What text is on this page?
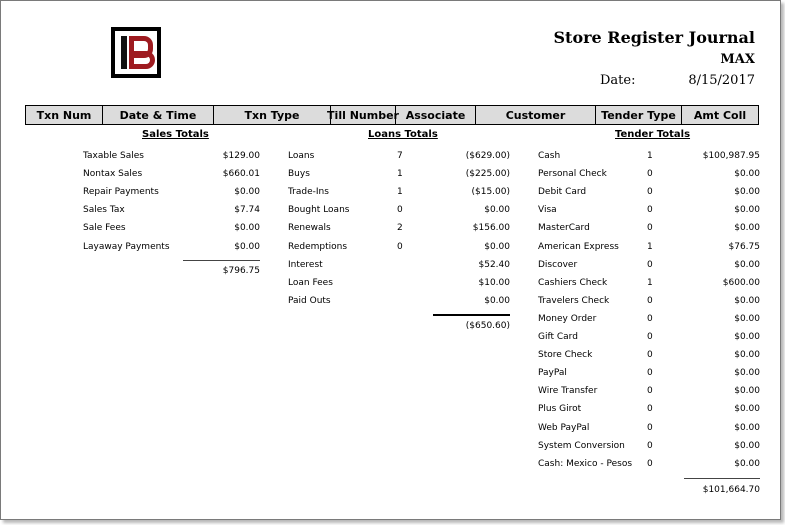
Store Register Journal
MAX
Date:	8/15/2017
Txn Num	Date & Time	Txn Type	Till Number Associate	Customer	Tender Type	Amt Coll
Sales Totals	Loans Totals	Tender Totals
Taxable Sales	$129.00
Nontax Sales	$660.01
Repair Payments	$0.00
Sales Tax	$7.74
Sale Fees	$0.00
Layaway Payments	$0.00
$796.75
Loans	7	($629.00)
Buys	1	($225.00)
Trade-Ins	1	($15.00)
Bought Loans	0	$0.00
Renewals	2	$156.00
Redemptions	0	$0.00
Interest	$52.40
Loan Fees	$10.00
Paid Outs	$0.00
($650.60)
Cash	1	$100,987.95
Personal Check	0	$0.00
Debit Card	0	$0.00
Visa	0	$0.00
MasterCard	0	$0.00
American Express	1	$76.75
Discover	0	$0.00
Cashiers Check	1	$600.00
Travelers Check	0	$0.00
Money Order	0	$0.00
Gift Card	0	$0.00
Store Check	0	$0.00
PayPal	0	$0.00
Wire Transfer	0	$0.00
Plus Girot	0	$0.00
Web PayPal	0	$0.00
System Conversion 0	$0.00
Cash: Mexico - Pesos 0	$0.00
$101,664.70
